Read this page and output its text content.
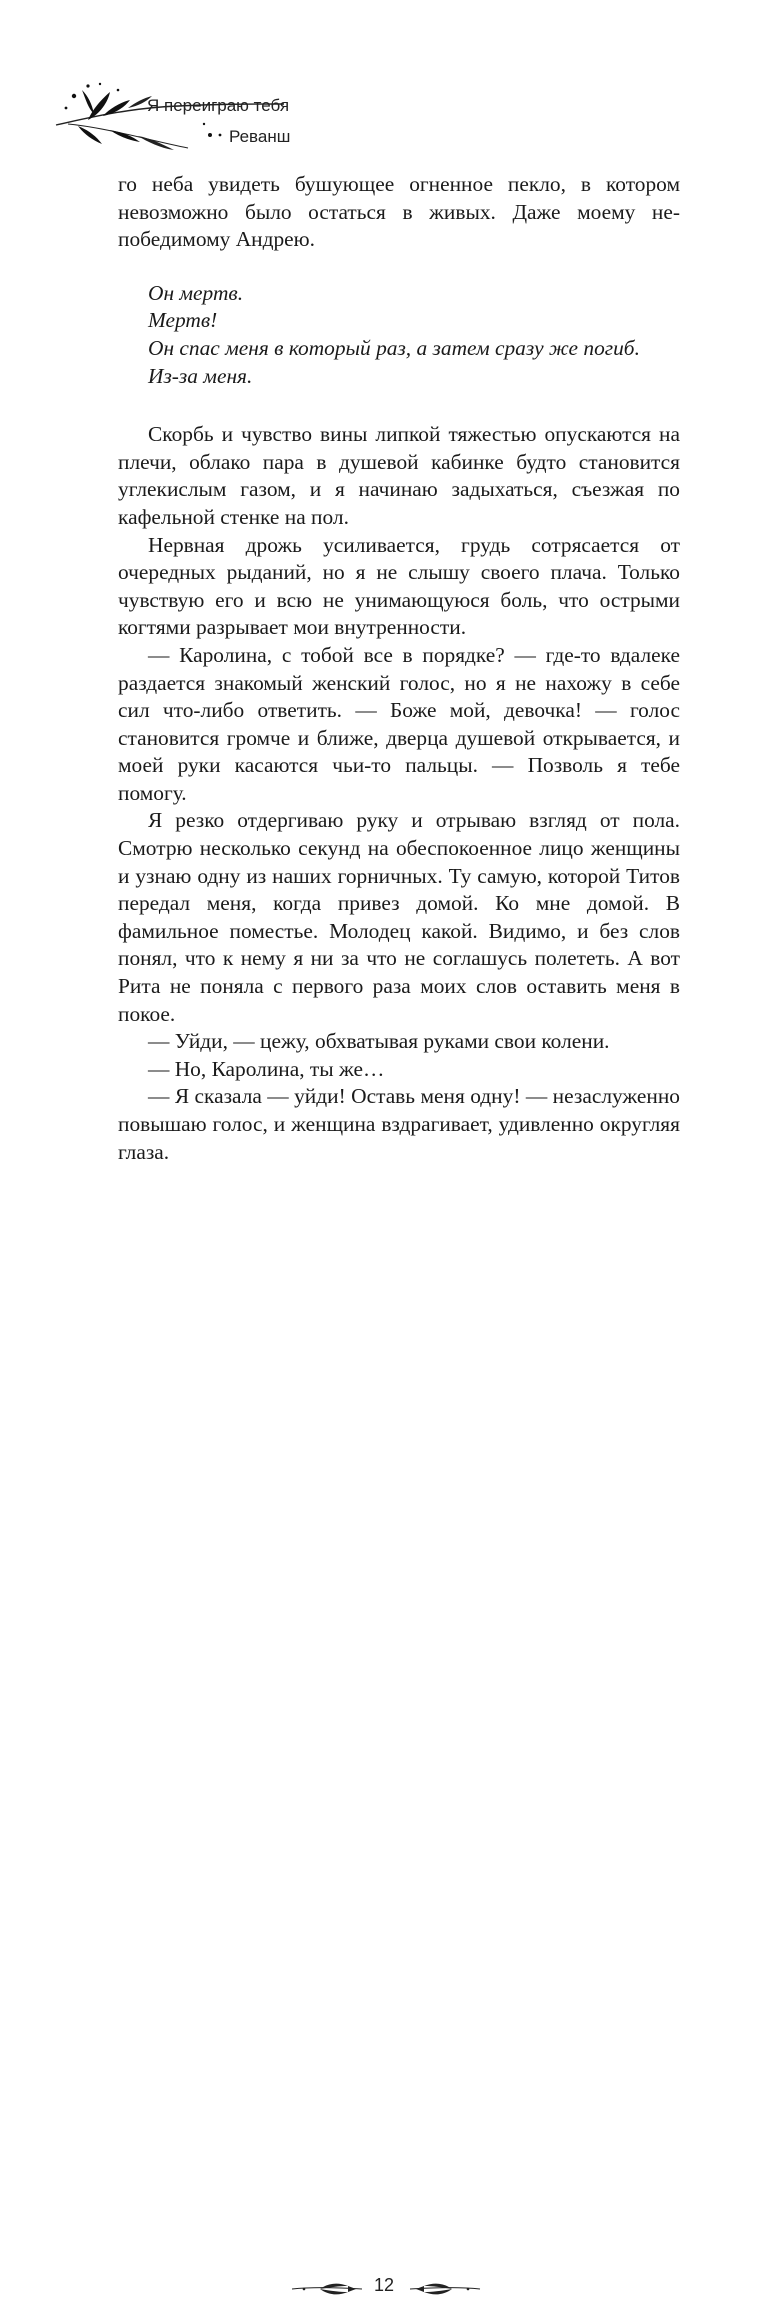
Я переиграю тебя
Реванш

го неба увидеть бушующее огненное пекло, в котором невозможно было остаться в живых. Даже моему непобедимому Андрею.

Он мертв.
Мертв!
Он спас меня в который раз, а затем сразу же погиб.
Из-за меня.

Скорбь и чувство вины липкой тяжестью опускаются на плечи, облако пара в душевой кабинке будто становится углекислым газом, и я начинаю задыхаться, съезжая по кафельной стенке на пол.

Нервная дрожь усиливается, грудь сотрясается от очередных рыданий, но я не слышу своего плача. Только чувствую его и всю не унимающуюся боль, что острыми когтями разрывает мои внутренности.

— Каролина, с тобой все в порядке? — где-то вдалеке раздается знакомый женский голос, но я не нахожу в себе сил что-либо ответить. — Боже мой, девочка! — голос становится громче и ближе, дверца душевой открывается, и моей руки касаются чьи-то пальцы. — Позволь я тебе помогу.

Я резко отдергиваю руку и отрываю взгляд от пола. Смотрю несколько секунд на обеспокоенное лицо женщины и узнаю одну из наших горничных. Ту самую, которой Титов передал меня, когда привез домой. Ко мне домой. В фамильное поместье. Молодец какой. Видимо, и без слов понял, что к нему я ни за что не соглашусь полететь. А вот Рита не поняла с первого раза моих слов оставить меня в покое.

— Уйди, — цежу, обхватывая руками свои колени.

— Но, Каролина, ты же…

— Я сказала — уйди! Оставь меня одну! — незаслуженно повышаю голос, и женщина вздрагивает, удивленно округляя глаза.

12
